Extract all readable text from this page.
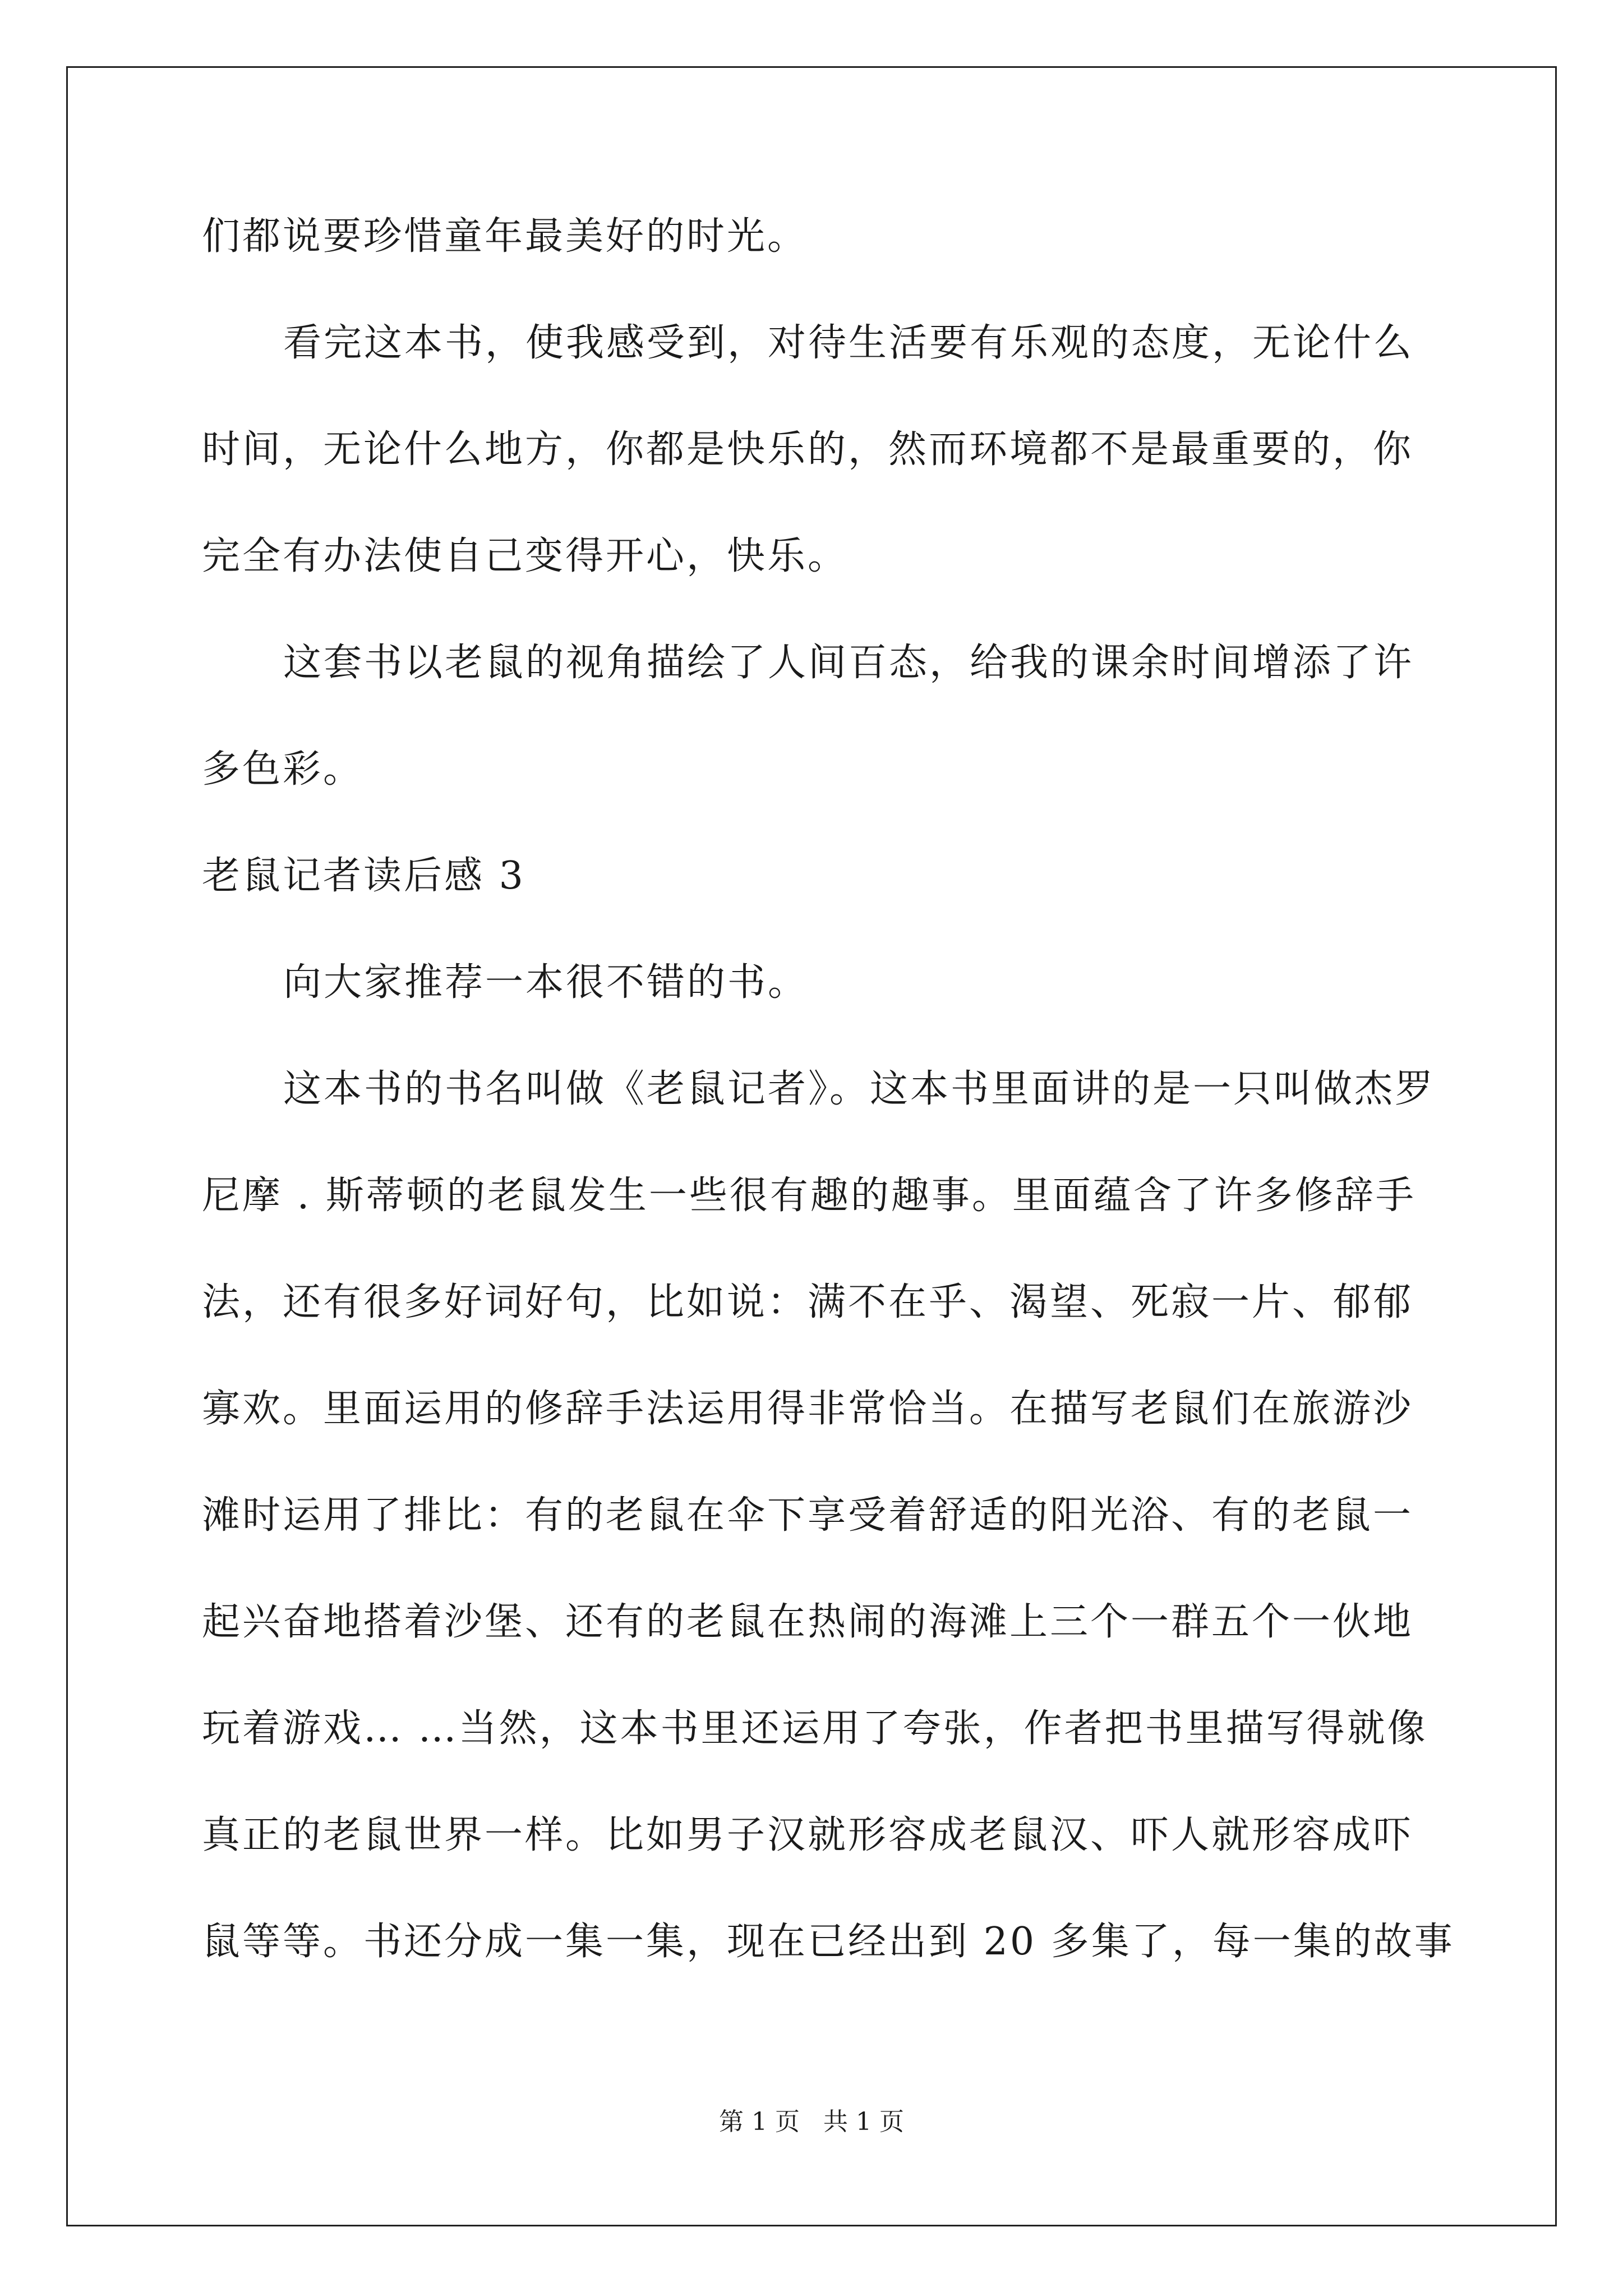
们都说要珍惜童年最美好的时光。
看完这本书，使我感受到，对待生活要有乐观的态度，无论什么
时间，无论什么地方，你都是快乐的，然而环境都不是最重要的，你
完全有办法使自己变得开心，快乐。
这套书以老鼠的视角描绘了人间百态，给我的课余时间增添了许
多色彩。
老鼠记者读后感 3
向大家推荐一本很不错的书。
这本书的书名叫做《老鼠记者》。这本书里面讲的是一只叫做杰罗
尼摩 . 斯蒂顿的老鼠发生一些很有趣的趣事。里面蕴含了许多修辞手
法，还有很多好词好句，比如说：满不在乎、渴望、死寂一片、郁郁
寡欢。里面运用的修辞手法运用得非常恰当。在描写老鼠们在旅游沙
滩时运用了排比：有的老鼠在伞下享受着舒适的阳光浴、有的老鼠一
起兴奋地搭着沙堡、还有的老鼠在热闹的海滩上三个一群五个一伙地
玩着游戏… …当然，这本书里还运用了夸张，作者把书里描写得就像
真正的老鼠世界一样。比如男子汉就形容成老鼠汉、吓人就形容成吓
鼠等等。书还分成一集一集，现在已经出到 20 多集了，每一集的故事
第 1 页   共 1 页
